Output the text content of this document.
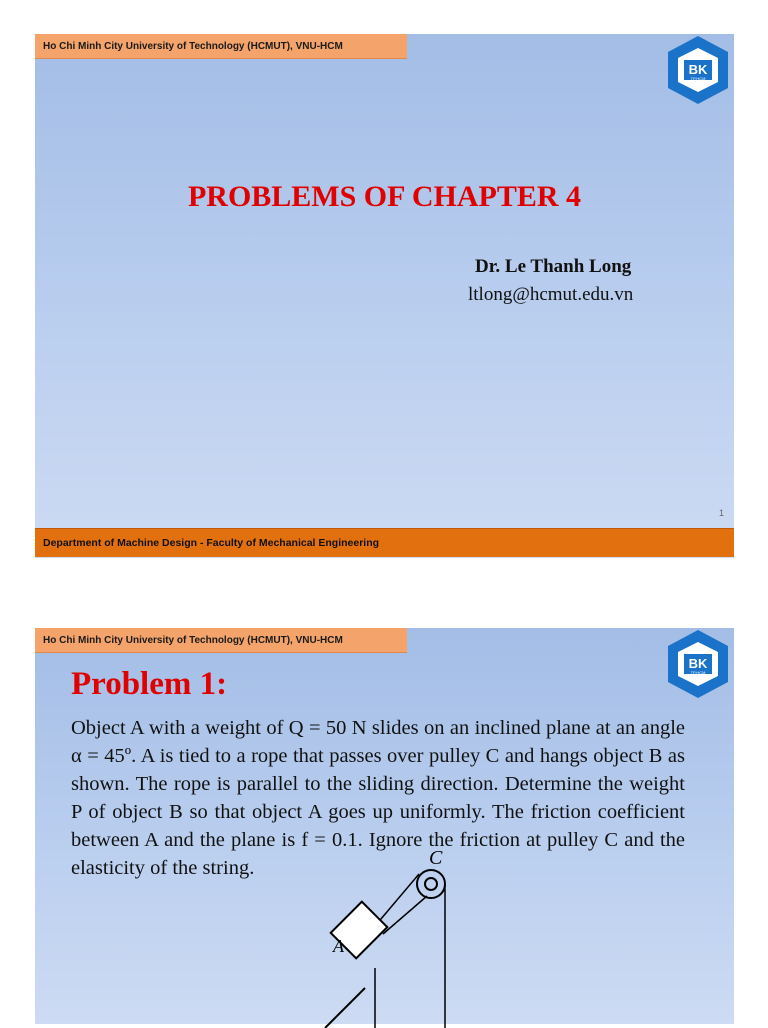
Ho Chi Minh City University of Technology (HCMUT), VNU-HCM
BK
TP.HCM
PROBLEMS OF CHAPTER 4
Dr. Le Thanh Long
ltlong@hcmut.edu.vn
1
Department of Machine Design - Faculty of Mechanical Engineering
Ho Chi Minh City University of Technology (HCMUT), VNU-HCM
BK
TP.HCM
Problem 1:
Object A with a weight of Q = 50 N slides on an inclined plane at an angle α = 45º. A is tied to a rope that passes over pulley C and hangs object B as shown. The rope is parallel to the sliding direction. Determine the weight P of object B so that object A goes up uniformly. The friction coefficient between A and the plane is f = 0.1. Ignore the friction at pulley C and the elasticity of the string.	C
A
